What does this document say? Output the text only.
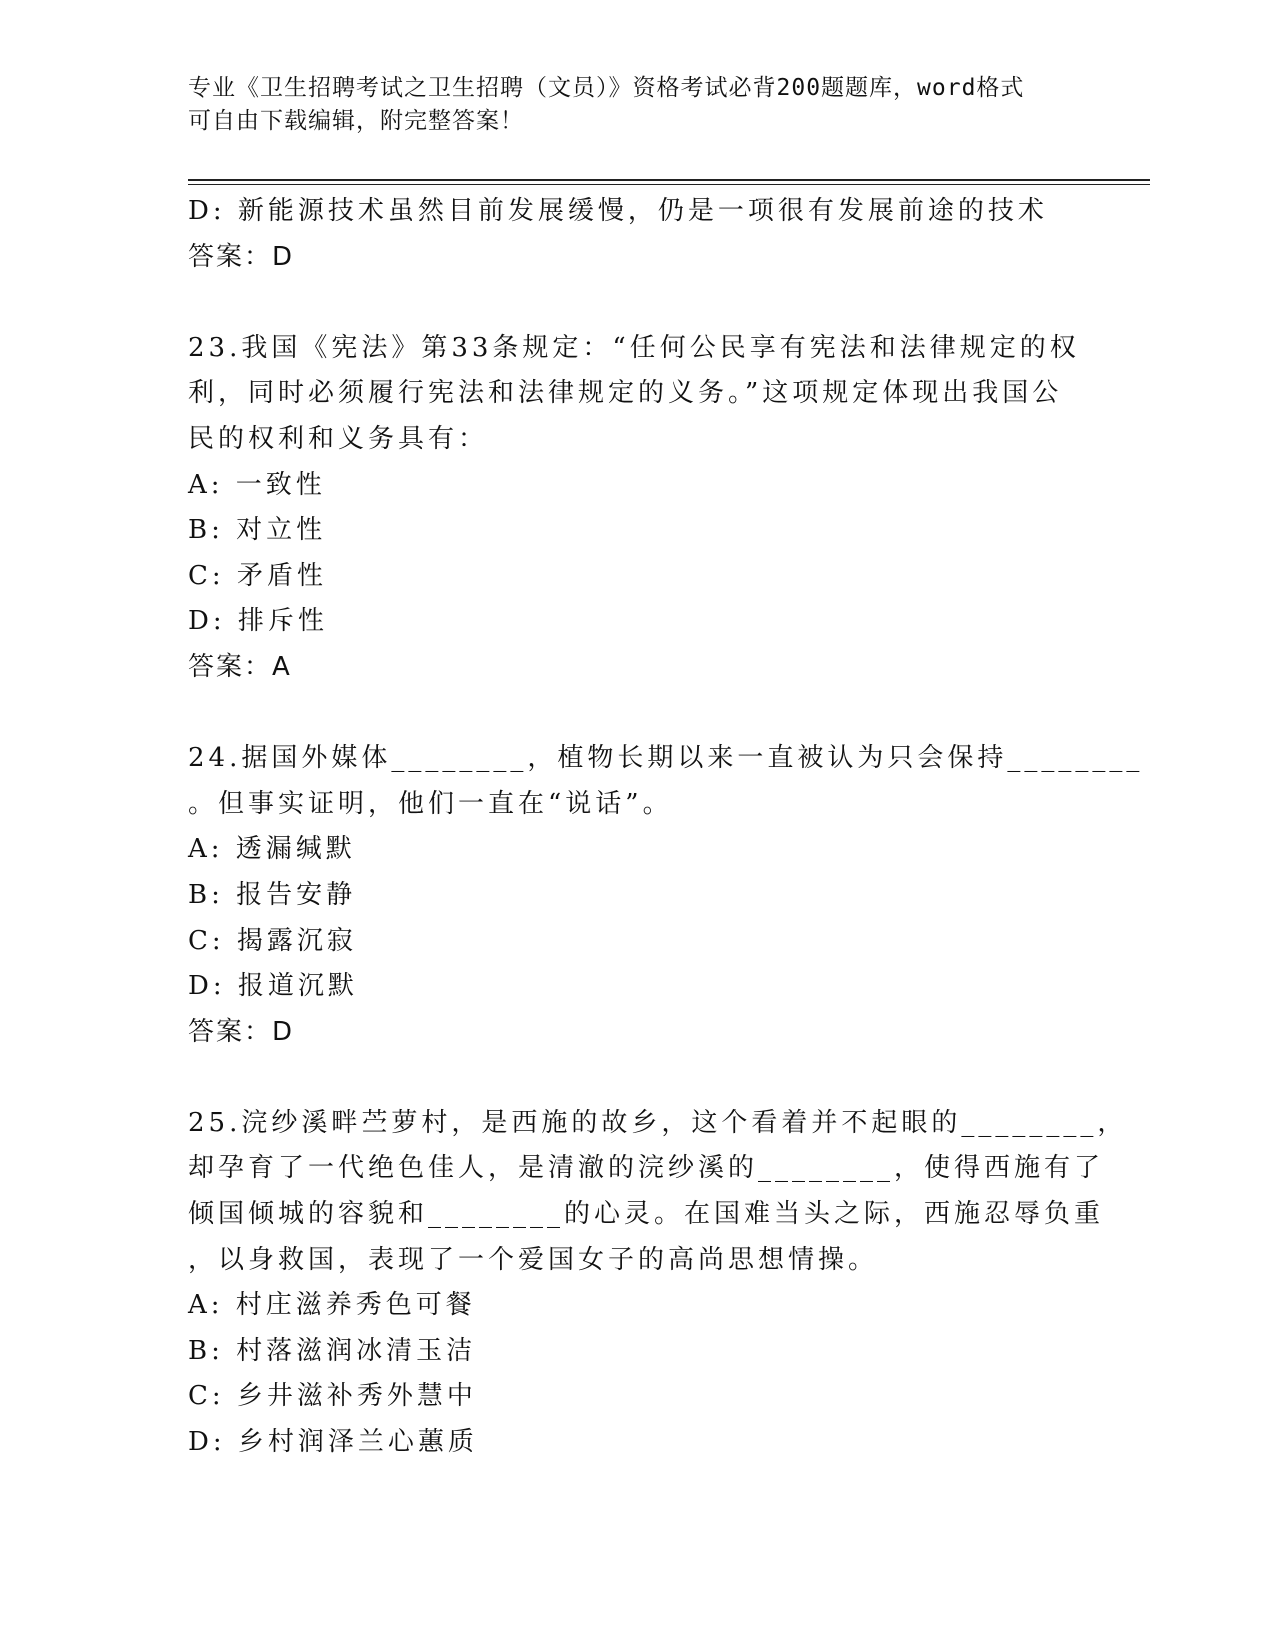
专业《卫生招聘考试之卫生招聘（文员）》资格考试必背200题题库，word格式
可自由下载编辑，附完整答案！
D: 新能源技术虽然目前发展缓慢，仍是一项很有发展前途的技术
答案：D
23.我国《宪法》第33条规定：“任何公民享有宪法和法律规定的权
利，同时必须履行宪法和法律规定的义务。”这项规定体现出我国公
民的权利和义务具有：
A: 一致性
B: 对立性
C: 矛盾性
D: 排斥性
答案：A
24.据国外媒体________，植物长期以来一直被认为只会保持________
。但事实证明，他们一直在“说话”。
A: 透漏缄默
B: 报告安静
C: 揭露沉寂
D: 报道沉默
答案：D
25.浣纱溪畔苎萝村，是西施的故乡，这个看着并不起眼的________，
却孕育了一代绝色佳人，是清澈的浣纱溪的________，使得西施有了
倾国倾城的容貌和________的心灵。在国难当头之际，西施忍辱负重
，以身救国，表现了一个爱国女子的高尚思想情操。
A: 村庄滋养秀色可餐
B: 村落滋润冰清玉洁
C: 乡井滋补秀外慧中
D: 乡村润泽兰心蕙质
